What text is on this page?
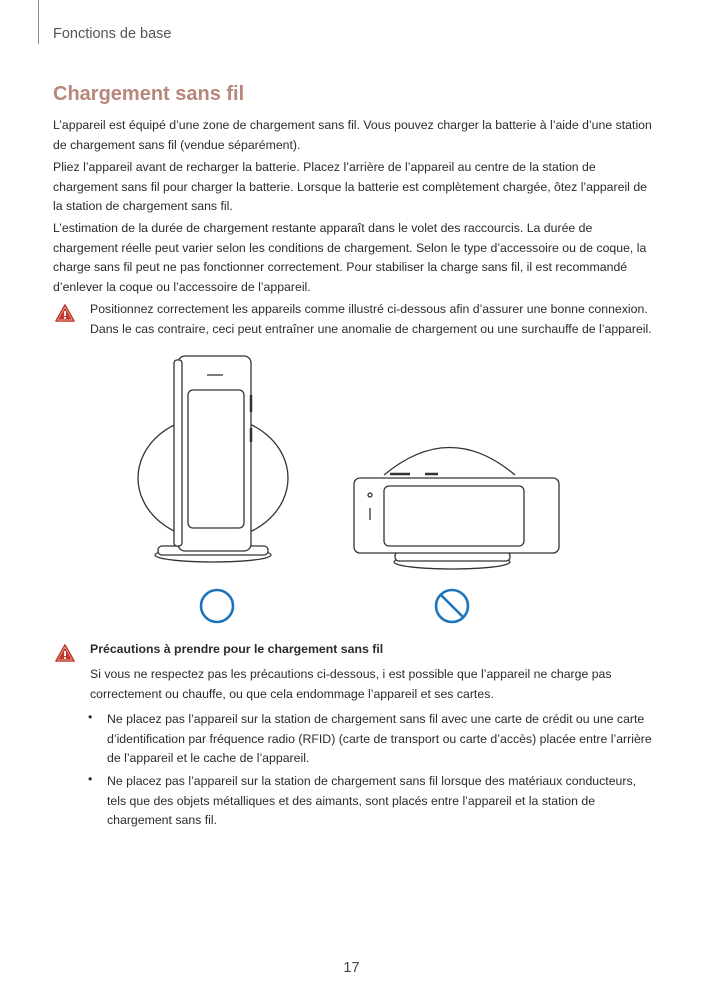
Fonctions de base
Chargement sans fil

L’appareil est équipé d’une zone de chargement sans fil. Vous pouvez charger la batterie à l’aide d’une station de chargement sans fil (vendue séparément).

Pliez l’appareil avant de recharger la batterie. Placez l’arrière de l’appareil au centre de la station de chargement sans fil pour charger la batterie. Lorsque la batterie est complètement chargée, ôtez l’appareil de la station de chargement sans fil.

L’estimation de la durée de chargement restante apparaît dans le volet des raccourcis. La durée de chargement réelle peut varier selon les conditions de chargement. Selon le type d’accessoire ou de coque, la charge sans fil peut ne pas fonctionner correctement. Pour stabiliser la charge sans fil, il est recommandé d’enlever la coque ou l’accessoire de l’appareil.

Positionnez correctement les appareils comme illustré ci-dessous afin d’assurer une bonne connexion. Dans le cas contraire, ceci peut entraîner une anomalie de chargement ou une surchauffe de l’appareil.

Précautions à prendre pour le chargement sans fil

Si vous ne respectez pas les précautions ci-dessous, i est possible que l’appareil ne charge pas correctement ou chauffe, ou que cela endommage l’appareil et ses cartes.

• Ne placez pas l’appareil sur la station de chargement sans fil avec une carte de crédit ou une carte d’identification par fréquence radio (RFID) (carte de transport ou carte d’accès) placée entre l’arrière de l’appareil et le cache de l’appareil.

• Ne placez pas l’appareil sur la station de chargement sans fil lorsque des matériaux conducteurs, tels que des objets métalliques et des aimants, sont placés entre l’appareil et la station de chargement sans fil.

17
